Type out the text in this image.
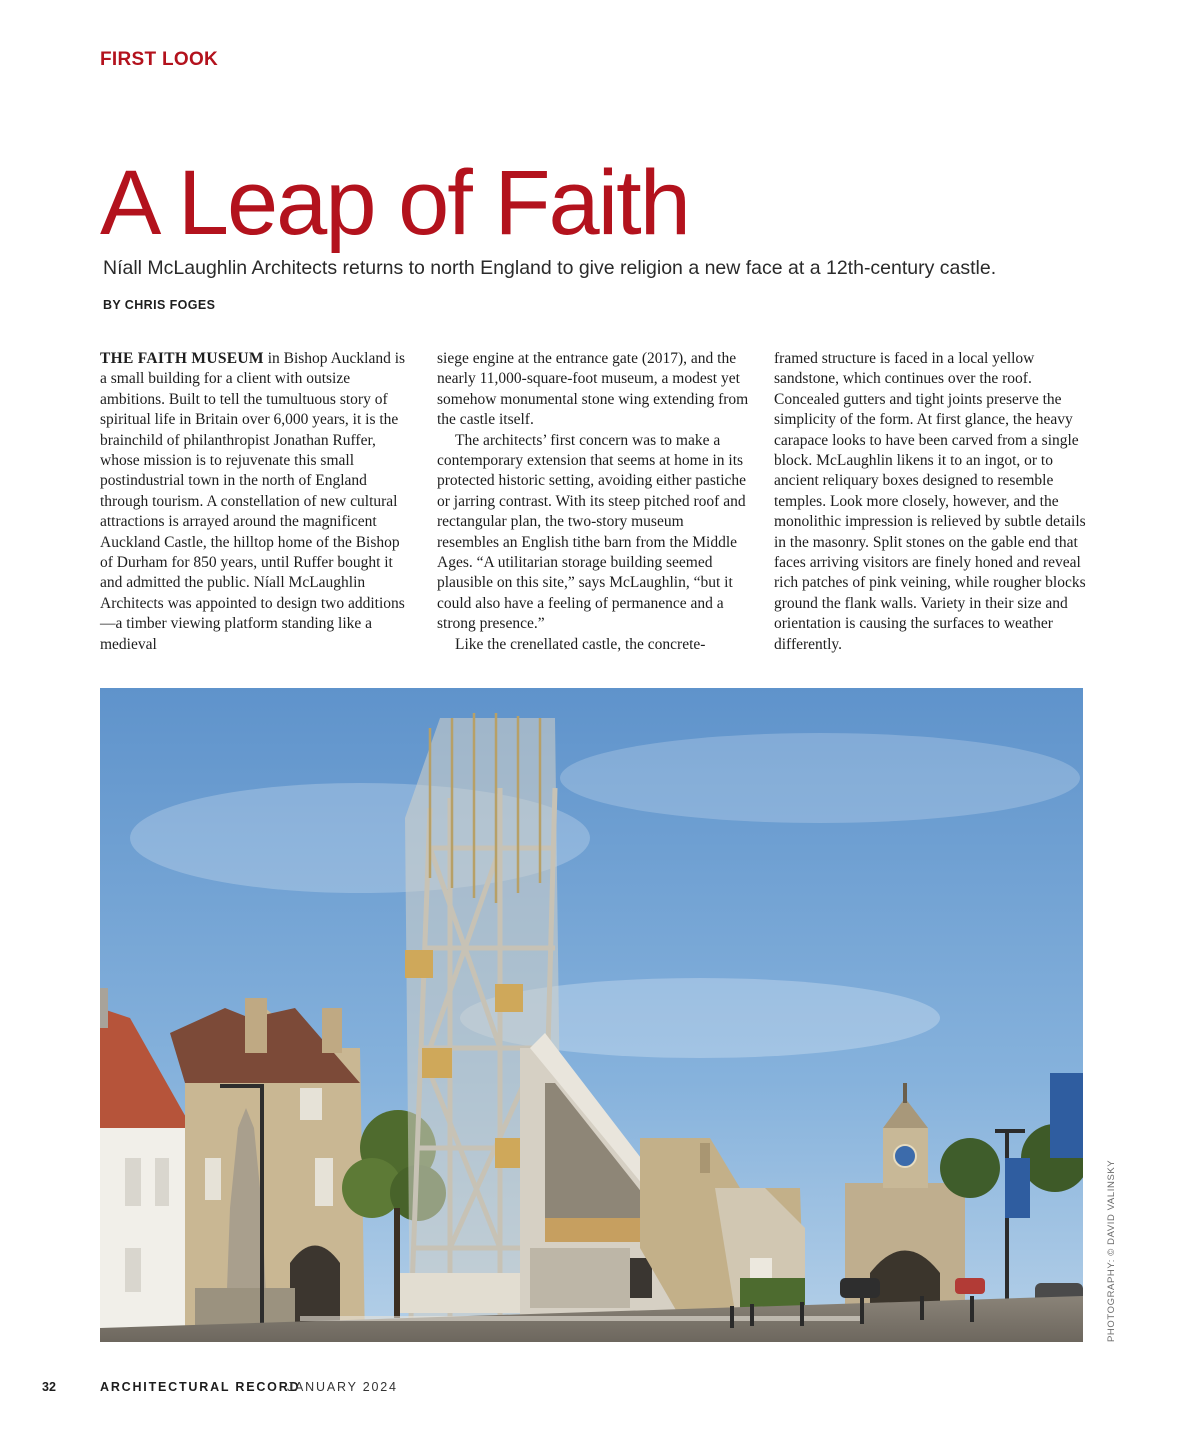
FIRST LOOK
A Leap of Faith
Níall McLaughlin Architects returns to north England to give religion a new face at a 12th-century castle.
BY CHRIS FOGES

THE FAITH MUSEUM in Bishop Auckland is a small building for a client with outsize ambitions. Built to tell the tumultuous story of spiritual life in Britain over 6,000 years, it is the brainchild of philanthropist Jonathan Ruffer, whose mission is to rejuvenate this small postindustrial town in the north of England through tourism. A constellation of new cultural attractions is arrayed around the magnificent Auckland Castle, the hilltop home of the Bishop of Durham for 850 years, until Ruffer bought it and admitted the public. Níall McLaughlin Architects was appointed to design two additions—a timber viewing platform standing like a medieval

siege engine at the entrance gate (2017), and the nearly 11,000-square-foot museum, a modest yet somehow monumental stone wing extending from the castle itself.

The architects’ first concern was to make a contemporary extension that seems at home in its protected historic setting, avoiding either pastiche or jarring contrast. With its steep pitched roof and rectangular plan, the two-story museum resembles an English tithe barn from the Middle Ages. “A utilitarian storage building seemed plausible on this site,” says McLaughlin, “but it could also have a feeling of permanence and a strong presence.”

Like the crenellated castle, the concrete-

framed structure is faced in a local yellow sandstone, which continues over the roof. Concealed gutters and tight joints preserve the simplicity of the form. At first glance, the heavy carapace looks to have been carved from a single block. McLaughlin likens it to an ingot, or to ancient reliquary boxes designed to resemble temples. Look more closely, however, and the monolithic impression is relieved by subtle details in the masonry. Split stones on the gable end that faces arriving visitors are finely honed and reveal rich patches of pink veining, while rougher blocks ground the flank walls. Variety in their size and orientation is causing the surfaces to weather differently.

PHOTOGRAPHY: © DAVID VALINSKY
32	ARCHITECTURAL RECORD
JANUARY 2024
